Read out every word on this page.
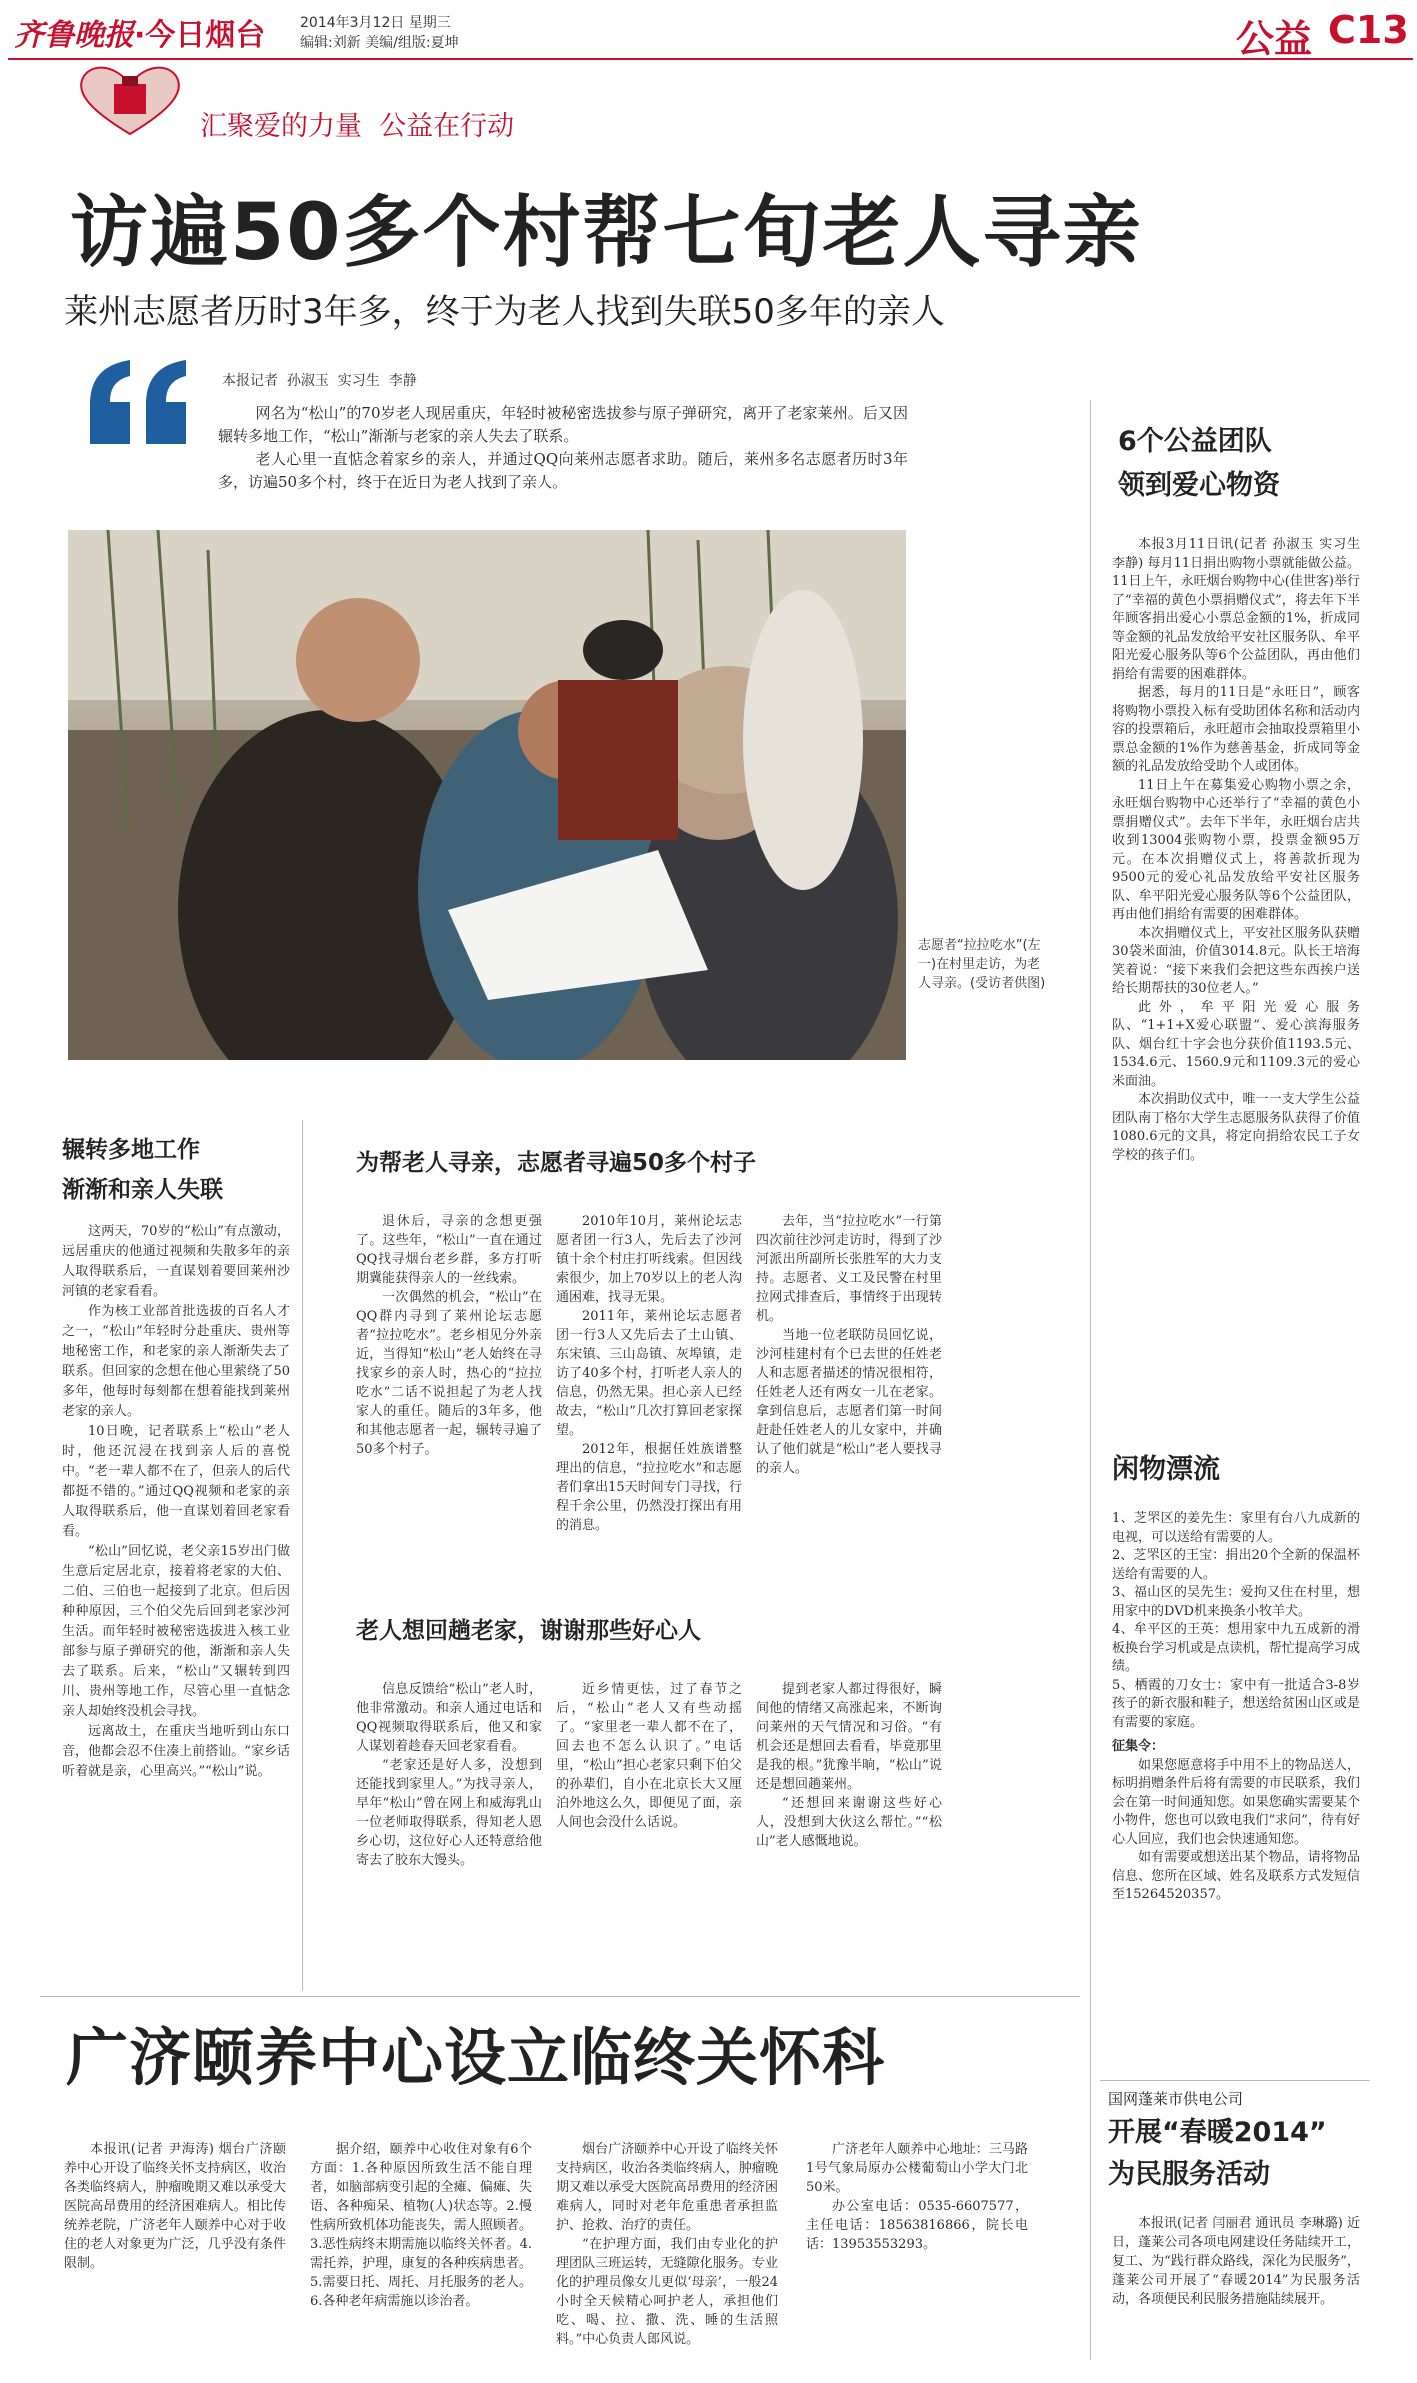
齐鲁晚报·今日烟台 2014年3月12日 星期三
编辑:刘新 美编/组版:夏坤	公益 C13
汇聚爱的力量  公益在行动
访遍50多个村帮七旬老人寻亲
莱州志愿者历时3年多，终于为老人找到失联50多年的亲人
本报记者  孙淑玉  实习生  李静

网名为“松山”的70岁老人现居重庆，年轻时被秘密选拔参与原子弹研究，离开了老家莱州。后又因辗转多地工作，“松山”渐渐与老家的亲人失去了联系。

老人心里一直惦念着家乡的亲人，并通过QQ向莱州志愿者求助。随后，莱州多名志愿者历时3年多，访遍50多个村，终于在近日为老人找到了亲人。

志愿者“拉拉吃水”(左一)在村里走访，为老人寻亲。(受访者供图)
辗转多地工作
渐渐和亲人失联

这两天，70岁的“松山”有点激动，远居重庆的他通过视频和失散多年的亲人取得联系后，一直谋划着要回莱州沙河镇的老家看看。

作为核工业部首批选拔的百名人才之一，“松山”年轻时分赴重庆、贵州等地秘密工作，和老家的亲人渐渐失去了联系。但回家的念想在他心里萦绕了50多年，他每时每刻都在想着能找到莱州老家的亲人。

10日晚，记者联系上“松山”老人时，他还沉浸在找到亲人后的喜悦中。“老一辈人都不在了，但亲人的后代都挺不错的。”通过QQ视频和老家的亲人取得联系后，他一直谋划着回老家看看。

“松山”回忆说，老父亲15岁出门做生意后定居北京，接着将老家的大伯、二伯、三伯也一起接到了北京。但后因种种原因，三个伯父先后回到老家沙河生活。而年轻时被秘密选拔进入核工业部参与原子弹研究的他，渐渐和亲人失去了联系。后来，“松山”又辗转到四川、贵州等地工作，尽管心里一直惦念亲人却始终没机会寻找。

远离故土，在重庆当地听到山东口音，他都会忍不住凑上前搭讪。“家乡话听着就是亲，心里高兴。”“松山”说。

为帮老人寻亲，志愿者寻遍50多个村子

退休后，寻亲的念想更强了。这些年，“松山”一直在通过QQ找寻烟台老乡群，多方打听期冀能获得亲人的一丝线索。

一次偶然的机会，“松山”在QQ群内寻到了莱州论坛志愿者“拉拉吃水”。老乡相见分外亲近，当得知“松山”老人始终在寻找家乡的亲人时，热心的“拉拉吃水”二话不说担起了为老人找家人的重任。随后的3年多，他和其他志愿者一起，辗转寻遍了50多个村子。

2010年10月，莱州论坛志愿者团一行3人，先后去了沙河镇十余个村庄打听线索。但因线索很少，加上70岁以上的老人沟通困难，找寻无果。

2011年，莱州论坛志愿者团一行3人又先后去了土山镇、东宋镇、三山岛镇、灰埠镇，走访了40多个村，打听老人亲人的信息，仍然无果。担心亲人已经故去，“松山”几次打算回老家探望。

2012年，根据任姓族谱整理出的信息，“拉拉吃水”和志愿者们拿出15天时间专门寻找，行程千余公里，仍然没打探出有用的消息。

去年，当“拉拉吃水”一行第四次前往沙河走访时，得到了沙河派出所副所长张胜军的大力支持。志愿者、义工及民警在村里拉网式排查后，事情终于出现转机。

当地一位老联防员回忆说，沙河桂建村有个已去世的任姓老人和志愿者描述的情况很相符，任姓老人还有两女一儿在老家。拿到信息后，志愿者们第一时间赶赴任姓老人的儿女家中，并确认了他们就是“松山”老人要找寻的亲人。

老人想回趟老家，谢谢那些好心人

信息反馈给“松山”老人时，他非常激动。和亲人通过电话和QQ视频取得联系后，他又和家人谋划着趁春天回老家看看。

“老家还是好人多，没想到还能找到家里人。”为找寻亲人，早年“松山”曾在网上和威海乳山一位老师取得联系，得知老人恩乡心切，这位好心人还特意给他寄去了胶东大馒头。

近乡情更怯，过了春节之后，“松山”老人又有些动摇了。“家里老一辈人都不在了，回去也不怎么认识了。”电话里，“松山”担心老家只剩下伯父的孙辈们，自小在北京长大又厘泊外地这么久，即便见了面，亲人间也会没什么话说。

提到老家人都过得很好，瞬间他的情绪又高涨起来，不断询问莱州的天气情况和习俗。“有机会还是想回去看看，毕竟那里是我的根。”犹豫半晌，“松山”说还是想回趟莱州。

“还想回来谢谢这些好心人，没想到大伙这么帮忙。”“松山”老人感慨地说。

6个公益团队
领到爱心物资

本报3月11日讯(记者 孙淑玉 实习生 李静) 每月11日捐出购物小票就能做公益。11日上午，永旺烟台购物中心(佳世客)举行了“幸福的黄色小票捐赠仪式”，将去年下半年顾客捐出爱心小票总金额的1%，折成同等金额的礼品发放给平安社区服务队、牟平阳光爱心服务队等6个公益团队，再由他们捐给有需要的困难群体。

据悉，每月的11日是“永旺日”，顾客将购物小票投入标有受助团体名称和活动内容的投票箱后，永旺超市会抽取投票箱里小票总金额的1%作为慈善基金，折成同等金额的礼品发放给受助个人或团体。

11日上午在募集爱心购物小票之余，永旺烟台购物中心还举行了“幸福的黄色小票捐赠仪式”。去年下半年，永旺烟台店共收到13004张购物小票，投票金额95万元。在本次捐赠仪式上，将善款折现为9500元的爱心礼品发放给平安社区服务队、牟平阳光爱心服务队等6个公益团队，再由他们捐给有需要的困难群体。

本次捐赠仪式上，平安社区服务队获赠30袋米面油，价值3014.8元。队长王培海笑着说：“接下来我们会把这些东西挨户送给长期帮扶的30位老人。”

此外，牟平阳光爱心服务队、“1+1+X爱心联盟”、爱心滨海服务队、烟台红十字会也分获价值1193.5元、1534.6元、1560.9元和1109.3元的爱心米面油。

本次捐助仪式中，唯一一支大学生公益团队南丁格尔大学生志愿服务队获得了价值1080.6元的文具，将定向捐给农民工子女学校的孩子们。

闲物漂流

1、芝罘区的姜先生：家里有台八九成新的电视，可以送给有需要的人。

2、芝罘区的王宝：捐出20个全新的保温杯送给有需要的人。

3、福山区的吴先生：爱拘又住在村里，想用家中的DVD机来换条小牧羊犬。

4、牟平区的王英：想用家中九五成新的滑板换台学习机或是点读机，帮忙提高学习成绩。

5、栖霞的刀女士：家中有一批适合3-8岁孩子的新衣服和鞋子，想送给贫困山区或是有需要的家庭。

征集令：

如果您愿意将手中用不上的物品送人，标明捐赠条件后将有需要的市民联系，我们会在第一时间通知您。如果您确实需要某个小物件，您也可以致电我们“求问”，待有好心人回应，我们也会快速通知您。

如有需要或想送出某个物品，请将物品信息、您所在区域、姓名及联系方式发短信至15264520357。

国网蓬莱市供电公司
开展“春暖2014”
为民服务活动

本报讯(记者 闫丽君 通讯员 李琳璐) 近日，蓬莱公司各项电网建设任务陆续开工，复工、为“践行群众路线，深化为民服务”，蓬莱公司开展了“春暖2014”为民服务活动，各项便民利民服务措施陆续展开。

广济颐养中心设立临终关怀科

本报讯(记者 尹海涛) 烟台广济颐养中心开设了临终关怀支持病区，收治各类临终病人，肿瘤晚期又难以承受大医院高昂费用的经济困难病人。相比传统养老院，广济老年人颐养中心对于收住的老人对象更为广泛，几乎没有条件限制。

据介绍，颐养中心收住对象有6个方面：1.各种原因所致生活不能自理者，如脑部病变引起的全瘫、偏瘫、失语、各种痴呆、植物(人)状态等。2.慢性病所致机体功能丧失，需人照顾者。3.恶性病终末期需施以临终关怀者。4.需托养，护理，康复的各种疾病患者。5.需要日托、周托、月托服务的老人。6.各种老年病需施以诊治者。

烟台广济颐养中心开设了临终关怀支持病区，收治各类临终病人，肿瘤晚期又难以承受大医院高昂费用的经济困难病人，同时对老年危重患者承担监护、抢救、治疗的责任。

“在护理方面，我们由专业化的护理团队三班运转，无缝隙化服务。专业化的护理员像女儿更似‘母亲’，一般24小时全天候精心呵护老人，承担他们吃、喝、拉、撒、洗、睡的生活照料。”中心负责人郎风说。

广济老年人颐养中心地址：三马路1号气象局原办公楼葡萄山小学大门北50米。

办公室电话：0535-6607577，主任电话：18563816866，院长电话：13953553293。
